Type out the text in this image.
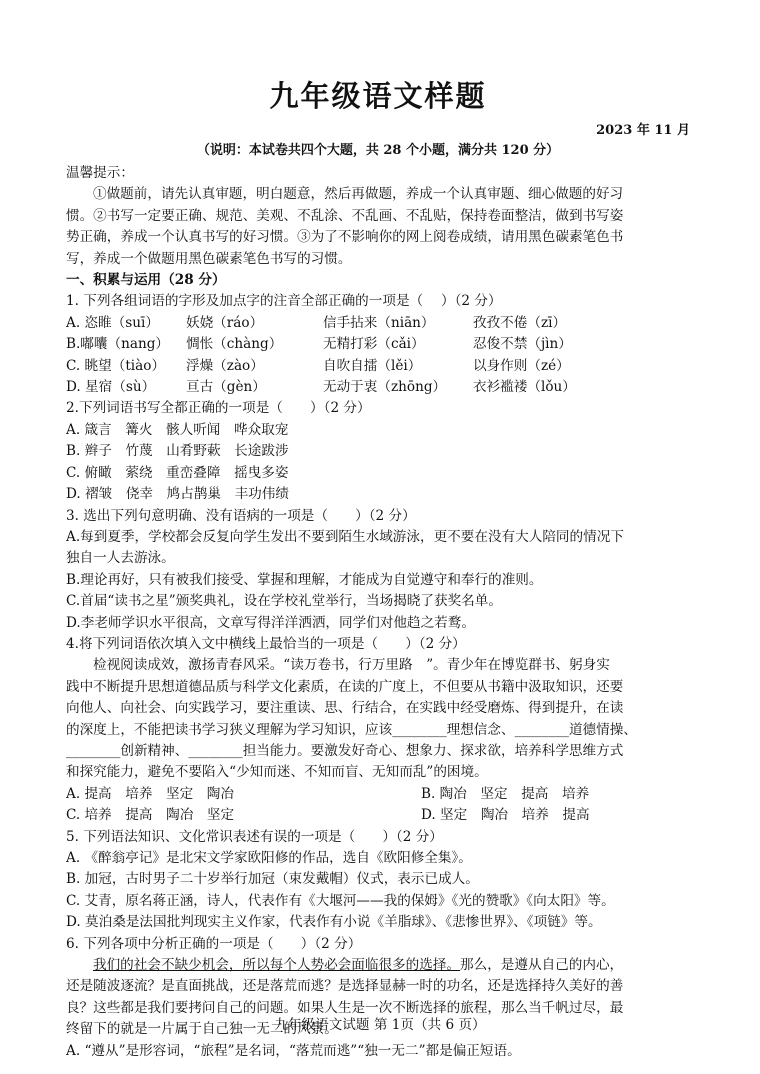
九年级语文样题
2023 年 11 月
（说明：本试卷共四个大题，共 28 个小题，满分共 120 分）
温馨提示：
①做题前，请先认真审题，明白题意，然后再做题，养成一个认真审题、细心做题的好习
惯。②书写一定要正确、规范、美观、不乱涂、不乱画、不乱贴，保持卷面整洁，做到书写姿
势正确，养成一个认真书写的好习惯。③为了不影响你的网上阅卷成绩，请用黑色碳素笔色书
写，养成一个做题用黑色碳素笔色书写的习惯。
一、积累与运用（28 分）
1. 下列各组词语的字形及加点字的注音全部正确的一项是（　 ）（2 分）
A. 恣睢（suī）	妖娆（ráo）	信手拈来（niān）	孜孜不倦（zī）
B.嘟囔（nang）	惆怅（chàng）	无精打彩（cǎi）	忍俊不禁（jìn）
C. 眺望（tiào）	浮燥（zào）	自吹自擂（lěi）	以身作则（zé）
D. 星宿（sù）	亘古（gèn）	无动于衷（zhōng）	衣衫褴褛（lǒu）
2.下列词语书写全都正确的一项是（　　）（2 分）
A. 箴言　篝火　骸人听闻　哗众取宠
B. 辫子　竹蔑　山肴野蔌　长途跋涉
C. 俯瞰　萦绕　重峦叠障　摇曳多姿
D. 褶皱　侥幸　鸠占鹊巢　丰功伟绩
3. 选出下列句意明确、没有语病的一项是（　　）（2 分）
A.每到夏季，学校都会反复向学生发出不要到陌生水域游泳，更不要在没有大人陪同的情况下
独自一人去游泳。
B.理论再好，只有被我们接受、掌握和理解，才能成为自觉遵守和奉行的准则。
C.首届“读书之星”颁奖典礼，设在学校礼堂举行，当场揭晓了获奖名单。
D.李老师学识水平很高，文章写得洋洋洒洒，同学们对他趋之若鹜。
4.将下列词语依次填入文中横线上最恰当的一项是（　　）（2 分）
检视阅读成效，激扬青春风采。“读万卷书，行万里路　”。青少年在博览群书、躬身实
践中不断提升思想道德品质与科学文化素质，在读的广度上，不但要从书籍中汲取知识，还要
向他人、向社会、向实践学习，要注重读、思、行结合，在实践中经受磨炼、得到提升，在读
的深度上，不能把读书学习狭义理解为学习知识，应该________理想信念、________道德情操、
________创新精神、________担当能力。要激发好奇心、想象力、探求欲，培养科学思维方式
和探究能力，避免不要陷入“少知而迷、不知而盲、无知而乱”的困境。
A. 提高　培养　坚定　陶冶	B. 陶冶　坚定　提高　培养
C. 培养　提高　陶冶　坚定	D. 坚定　陶冶　培养　提高
5. 下列语法知识、文化常识表述有误的一项是（　　）（2 分）
A. 《醉翁亭记》是北宋文学家欧阳修的作品，选自《欧阳修全集》。
B. 加冠，古时男子二十岁举行加冠（束发戴帽）仪式，表示已成人。
C. 艾青，原名蒋正涵，诗人，代表作有《大堰河——我的保姆》《光的赞歌》《向太阳》等。
D. 莫泊桑是法国批判现实主义作家，代表作有小说《羊脂球》、《悲惨世界》、《项链》等。
6. 下列各项中分析正确的一项是（　　）（2 分）
我们的社会不缺少机会，所以每个人势必会面临很多的选择。那么，是遵从自己的内心，
还是随波逐流？是直面挑战，还是落荒而逃？是选择显赫一时的功名，还是选择持久美好的善
良？这些都是我们要拷问自己的问题。如果人生是一次不断选择的旅程，那么当千帆过尽，最
终留下的就是一片属于自己独一无二的风景。
A. “遵从”是形容词，“旅程”是名词，“落荒而逃”“独一无二”都是偏正短语。
九年级语文试题 第 1页（共 6 页）
